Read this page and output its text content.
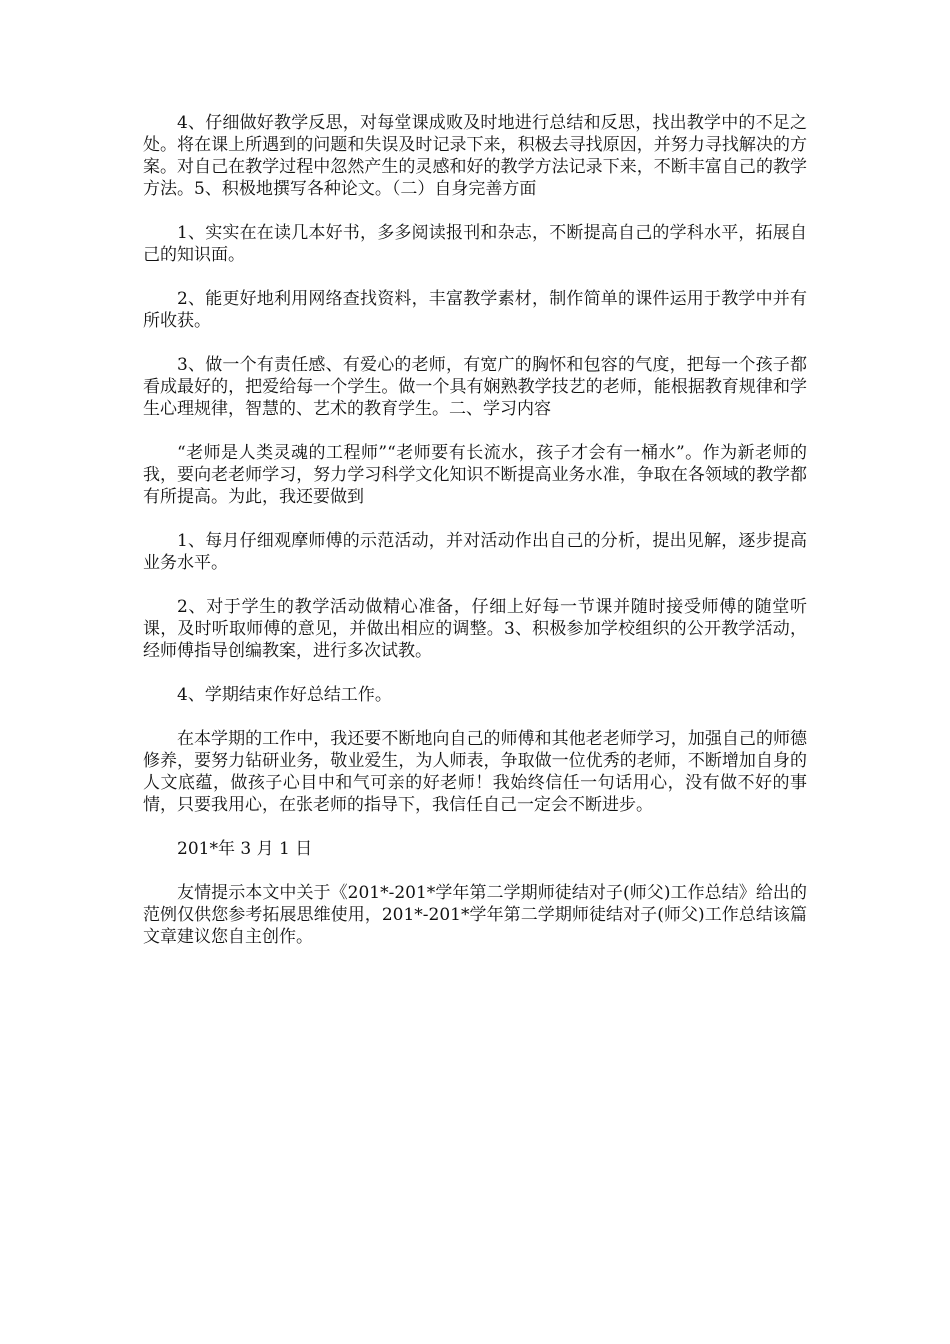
4、仔细做好教学反思，对每堂课成败及时地进行总结和反思，找出教学中的不足之处。将在课上所遇到的问题和失误及时记录下来，积极去寻找原因，并努力寻找解决的方案。对自己在教学过程中忽然产生的灵感和好的教学方法记录下来，不断丰富自己的教学方法。5、积极地撰写各种论文。（二）自身完善方面

1、实实在在读几本好书，多多阅读报刊和杂志，不断提高自己的学科水平，拓展自己的知识面。

2、能更好地利用网络查找资料，丰富教学素材，制作简单的课件运用于教学中并有所收获。

3、做一个有责任感、有爱心的老师，有宽广的胸怀和包容的气度，把每一个孩子都看成最好的，把爱给每一个学生。做一个具有娴熟教学技艺的老师，能根据教育规律和学生心理规律，智慧的、艺术的教育学生。二、学习内容

“老师是人类灵魂的工程师”“老师要有长流水，孩子才会有一桶水”。作为新老师的我，要向老老师学习，努力学习科学文化知识不断提高业务水准，争取在各领域的教学都有所提高。为此，我还要做到

1、每月仔细观摩师傅的示范活动，并对活动作出自己的分析，提出见解，逐步提高业务水平。

2、对于学生的教学活动做精心准备，仔细上好每一节课并随时接受师傅的随堂听课，及时听取师傅的意见，并做出相应的调整。3、积极参加学校组织的公开教学活动，经师傅指导创编教案，进行多次试教。

4、学期结束作好总结工作。

在本学期的工作中，我还要不断地向自己的师傅和其他老老师学习，加强自己的师德修养，要努力钻研业务，敬业爱生，为人师表，争取做一位优秀的老师，不断增加自身的人文底蕴，做孩子心目中和气可亲的好老师！我始终信任一句话用心，没有做不好的事情，只要我用心，在张老师的指导下，我信任自己一定会不断进步。

201*年 3 月 1 日

友情提示本文中关于《201*-201*学年第二学期师徒结对子(师父)工作总结》给出的范例仅供您参考拓展思维使用，201*-201*学年第二学期师徒结对子(师父)工作总结该篇文章建议您自主创作。
